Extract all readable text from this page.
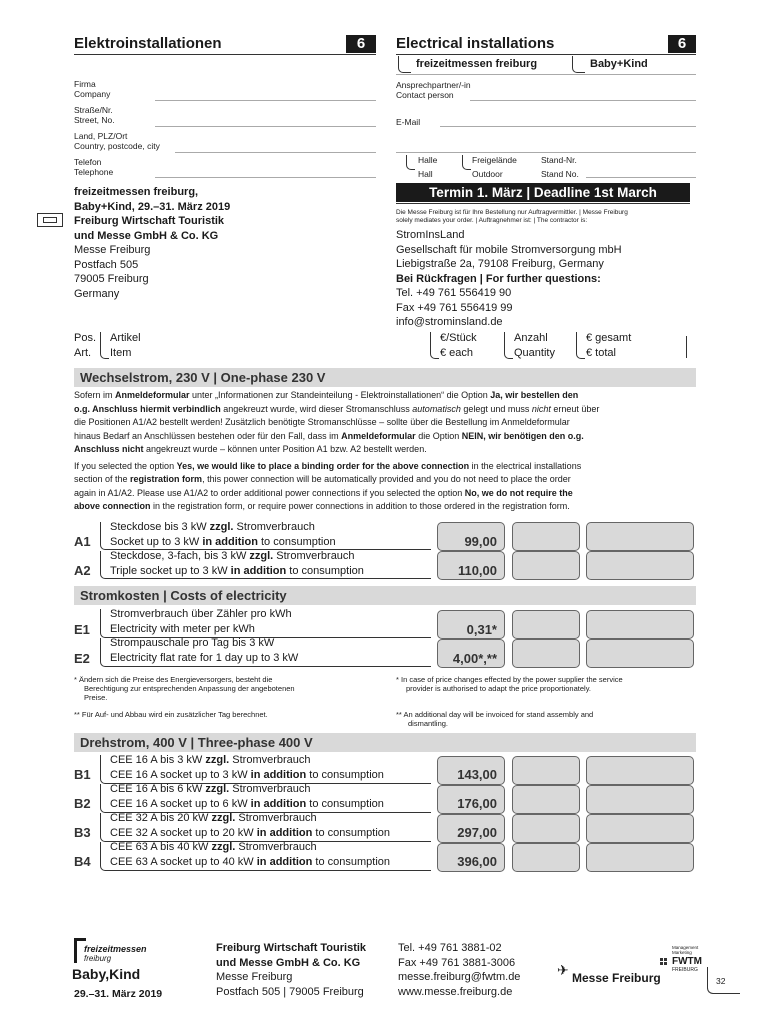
Elektroinstallationen	6	Electrical installations	6
freizeitmessen freiburg	Baby+Kind
Firma
Company
Straße/Nr.
Street, No.
Land, PLZ/Ort
Country, postcode, city
Telefon
Telephone
Ansprechpartner/-in
Contact person
E-Mail
Halle
Hall
Freigelände
Outdoor
Stand-Nr.
Stand No.
freizeitmessen freiburg,
Baby+Kind, 29.–31. März 2019
Freiburg Wirtschaft Touristik
und Messe GmbH & Co. KG
Messe Freiburg
Postfach 505
79005 Freiburg
Germany
Termin 1. März | Deadline 1st March
Die Messe Freiburg ist für Ihre Bestellung nur Auftragvermittler. | Messe Freiburg
solely mediates your order. | Auftragnehmer ist: | The contractor is:
StromInsLand
Gesellschaft für mobile Stromversorgung mbH
Liebigstraße 2a, 79108 Freiburg, Germany
Bei Rückfragen | For further questions:
Tel. +49 761 556419 90
Fax +49 761 556419 99
info@strominsland.de
Pos.
Art.
Artikel
Item
€/Stück
€ each
Anzahl
Quantity
€ gesamt
€ total
Wechselstrom, 230 V | One-phase 230 V
Sofern im Anmeldeformular unter „Informationen zur Standeinteilung - Elektroinstallationen“ die Option Ja, wir bestellen den
o.g. Anschluss hiermit verbindlich angekreuzt wurde, wird dieser Stromanschluss automatisch gelegt und muss nicht erneut über
die Positionen A1/A2 bestellt werden! Zusätzlich benötigte Stromanschlüsse – sollte über die Bestellung im Anmeldeformular
hinaus Bedarf an Anschlüssen bestehen oder für den Fall, dass im Anmeldeformular die Option NEIN, wir benötigen den o.g.
Anschluss nicht angekreuzt wurde – können unter Position A1 bzw. A2 bestellt werden.
If you selected the option Yes, we would like to place a binding order for the above connection in the electrical installations
section of the registration form, this power connection will be automatically provided and you do not need to place the order
again in A1/A2. Please use A1/A2 to order additional power connections if you selected the option No, we do not require the
above connection in the registration form, or require power connections in addition to those ordered in the registration form.
A1
Steckdose bis 3 kW zzgl. Stromverbrauch
Socket up to 3 kW in addition to consumption	99,00
A2
Steckdose, 3-fach, bis 3 kW zzgl. Stromverbrauch
Triple socket up to 3 kW in addition to consumption	110,00
Stromkosten | Costs of electricity
E1
Stromverbrauch über Zähler pro kWh
Electricity with meter per kWh	0,31*
E2
Strompauschale pro Tag bis 3 kW
Electricity flat rate for 1 day up to 3 kW	4,00*,**
* Ändern sich die Preise des Energieversorgers, besteht die
Berechtigung zur entsprechenden Anpassung der angebotenen
Preise.
** Für Auf- und Abbau wird ein zusätzlicher Tag berechnet.
* In case of price changes effected by the power supplier the service
provider is authorised to adapt the price proportionately.
** An additional day will be invoiced for stand assembly and
dismantling.
Drehstrom, 400 V | Three-phase 400 V
B1
CEE 16 A bis 3 kW zzgl. Stromverbrauch
CEE 16 A socket up to 3 kW in addition to consumption	143,00
B2
CEE 16 A bis 6 kW zzgl. Stromverbrauch
CEE 16 A socket up to 6 kW in addition to consumption	176,00
B3
CEE 32 A bis 20 kW zzgl. Stromverbrauch
CEE 32 A socket up to 20 kW in addition to consumption	297,00
B4
CEE 63 A bis 40 kW zzgl. Stromverbrauch
CEE 63 A socket up to 40 kW in addition to consumption	396,00
freizeitmessen
freiburg
Baby,Kind
29.–31. März 2019
Freiburg Wirtschaft Touristik
und Messe GmbH & Co. KG
Messe Freiburg
Postfach 505 | 79005 Freiburg
Tel. +49 761 3881-02
Fax +49 761 3881-3006
messe.freiburg@fwtm.de
www.messe.freiburg.de
✈ Messe Freiburg
Management Marketing
FWTM
FREIBURG
32
